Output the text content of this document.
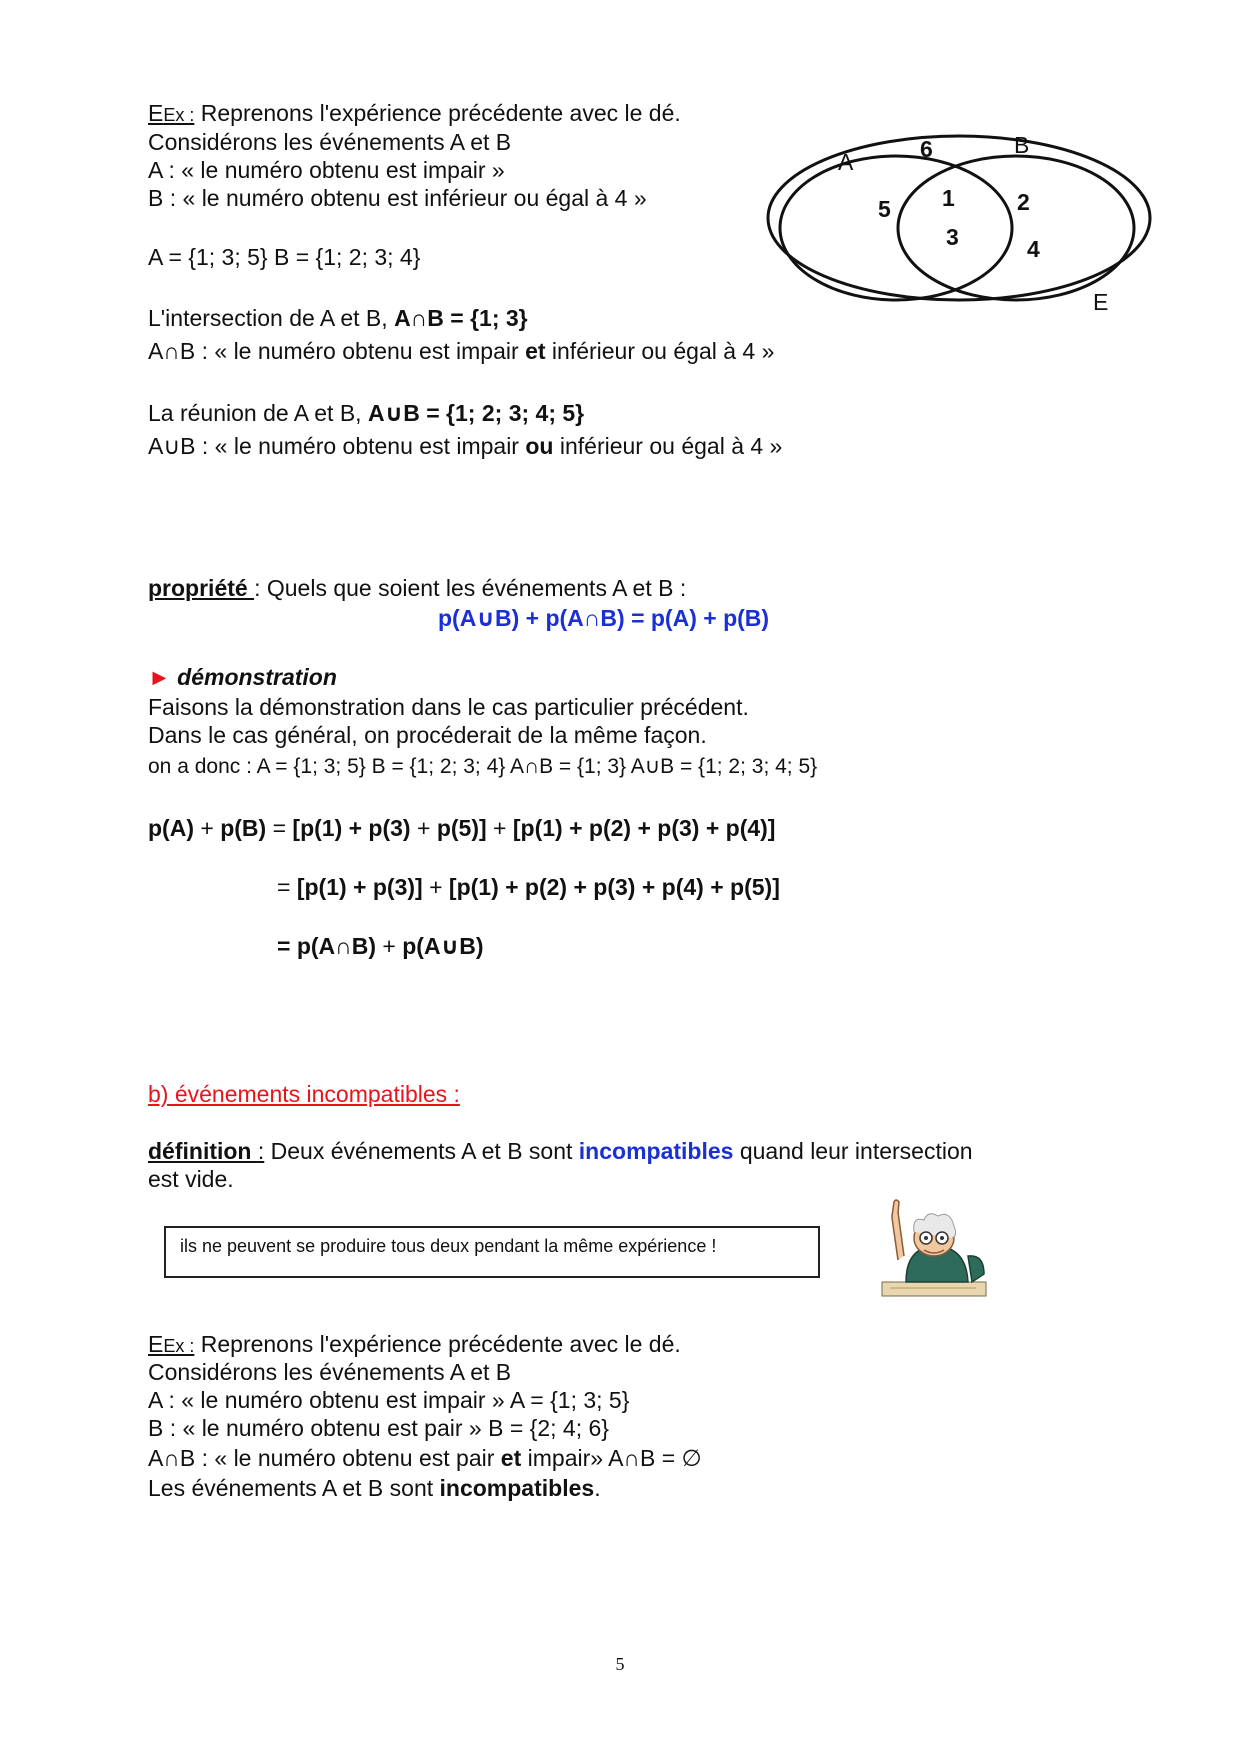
EEx : Reprenons l'expérience précédente avec le dé.
Considérons les événements A et B
A : « le numéro obtenu est impair »
B : « le numéro obtenu est inférieur ou égal à 4 »
A = {1; 3; 5} B = {1; 2; 3; 4}
L'intersection de A et B, A∩B = {1; 3}
A∩B : « le numéro obtenu est impair et inférieur ou égal à 4 »
La réunion de A et B, A∪B = {1; 2; 3; 4; 5}
A∪B : « le numéro obtenu est impair ou inférieur ou égal à 4 »
A
B
E
6
5 1
3
2
4
propriété : Quels que soient les événements A et B :
p(A∪B) + p(A∩B) = p(A) + p(B)
► démonstration
Faisons la démonstration dans le cas particulier précédent.
Dans le cas général, on procéderait de la même façon.
on a donc : A = {1; 3; 5} B = {1; 2; 3; 4} A∩B = {1; 3} A∪B = {1; 2; 3; 4; 5}
p(A) + p(B) = [p(1) + p(3) + p(5)] + [p(1) + p(2) + p(3) + p(4)]
= [p(1) + p(3)] + [p(1) + p(2) + p(3) + p(4) + p(5)]
= p(A∩B) + p(A∪B)
b) événements incompatibles :
définition : Deux événements A et B sont incompatibles quand leur intersection
est vide.
ils ne peuvent se produire tous deux pendant la même expérience !
EEx : Reprenons l'expérience précédente avec le dé.
Considérons les événements A et B
A : « le numéro obtenu est impair » A = {1; 3; 5}
B : « le numéro obtenu est pair » B = {2; 4; 6}
A∩B : « le numéro obtenu est pair et impair» A∩B = ∅
Les événements A et B sont incompatibles.
5
